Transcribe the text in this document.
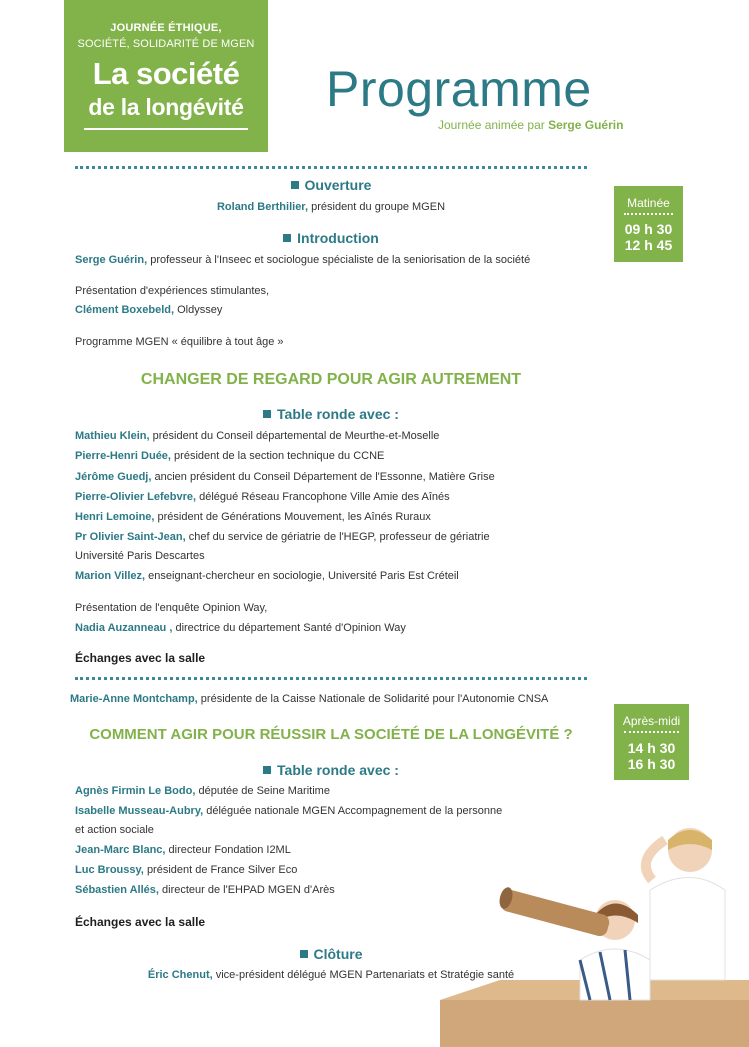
JOURNÉE ÉTHIQUE,
SOCIÉTÉ, SOLIDARITÉ DE MGEN
La société
de la longévité	Programme
Journée animée par Serge Guérin
Matinée
09 h 30
12 h 45
Ouverture
Roland Berthilier, président du groupe MGEN
Introduction
Serge Guérin, professeur à l'Inseec et sociologue spécialiste de la seniorisation de la société
Présentation d'expériences stimulantes,
Clément Boxebeld, Oldyssey
Programme MGEN « équilibre à tout âge »
CHANGER DE REGARD POUR AGIR AUTREMENT
Table ronde avec :
Mathieu Klein, président du Conseil départemental de Meurthe-et-Moselle
Pierre-Henri Duée, président de la section technique du CCNE
Jérôme Guedj, ancien président du Conseil Département de l'Essonne, Matière Grise
Pierre-Olivier Lefebvre, délégué Réseau Francophone Ville Amie des Aînés
Henri Lemoine, président de Générations Mouvement, les Aînés Ruraux
Pr Olivier Saint-Jean, chef du service de gériatrie de l'HEGP, professeur de gériatrie
Université Paris Descartes
Marion Villez, enseignant-chercheur en sociologie, Université Paris Est Créteil
Présentation de l'enquête Opinion Way,
Nadia Auzanneau , directrice du département Santé d'Opinion Way
Échanges avec la salle
Marie-Anne Montchamp, présidente de la Caisse Nationale de Solidarité pour l'Autonomie CNSA
Après-midi
14 h 30
16 h 30
COMMENT AGIR POUR RÉUSSIR LA SOCIÉTÉ DE LA LONGÉVITÉ ?
Table ronde avec :
Agnès Firmin Le Bodo, députée de Seine Maritime
Isabelle Musseau-Aubry, déléguée nationale MGEN Accompagnement de la personne
et action sociale
Jean-Marc Blanc, directeur Fondation I2ML
Luc Broussy, président de France Silver Eco
Sébastien Allés, directeur de l'EHPAD MGEN d'Arès
Échanges avec la salle
Clôture
Éric Chenut, vice-président délégué MGEN Partenariats et Stratégie santé
